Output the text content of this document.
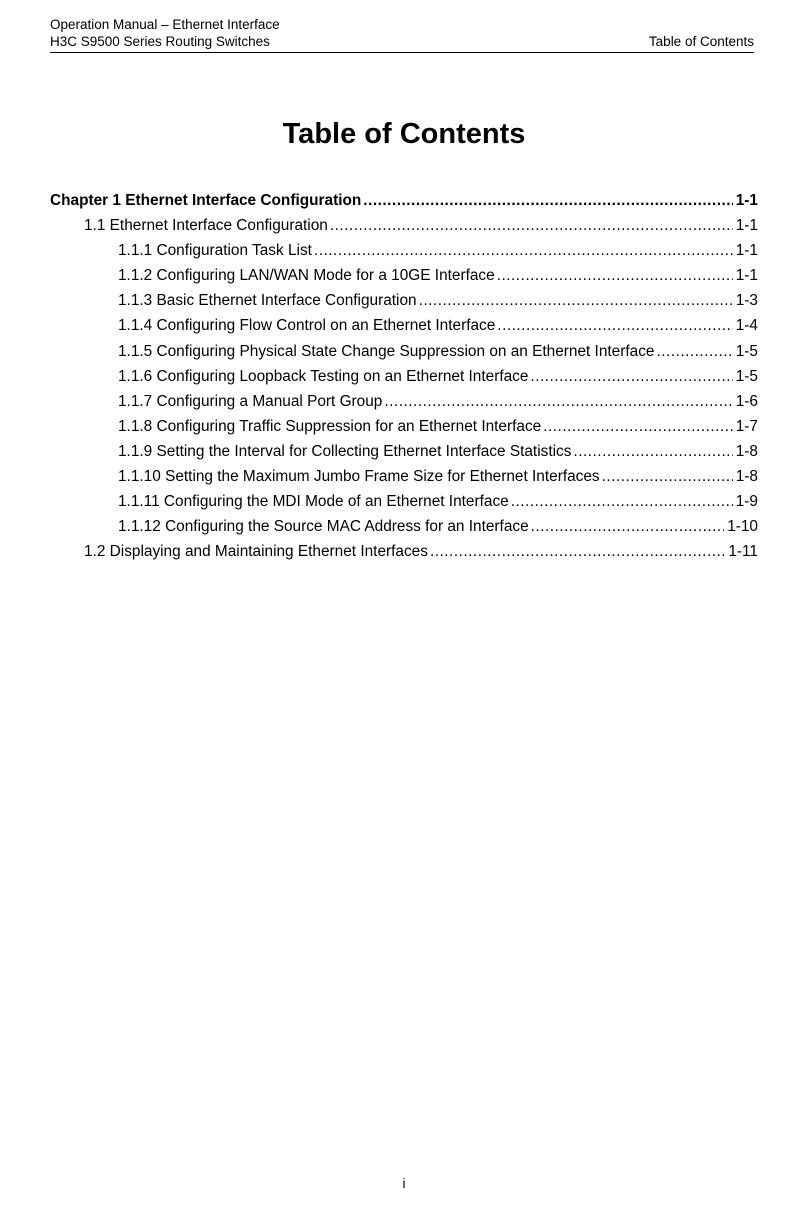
Operation Manual – Ethernet Interface
H3C S9500 Series Routing Switches	Table of Contents
Table of Contents
Chapter 1 Ethernet Interface Configuration .....	1-1
1.1 Ethernet Interface Configuration .....	1-1
1.1.1 Configuration Task List .....	1-1
1.1.2 Configuring LAN/WAN Mode for a 10GE Interface .....	1-1
1.1.3 Basic Ethernet Interface Configuration .....	1-3
1.1.4 Configuring Flow Control on an Ethernet Interface .....	1-4
1.1.5 Configuring Physical State Change Suppression on an Ethernet Interface .....	1-5
1.1.6 Configuring Loopback Testing on an Ethernet Interface .....	1-5
1.1.7 Configuring a Manual Port Group .....	1-6
1.1.8 Configuring Traffic Suppression for an Ethernet Interface .....	1-7
1.1.9 Setting the Interval for Collecting Ethernet Interface Statistics .....	1-8
1.1.10 Setting the Maximum Jumbo Frame Size for Ethernet Interfaces .....	1-8
1.1.11 Configuring the MDI Mode of an Ethernet Interface .....	1-9
1.1.12 Configuring the Source MAC Address for an Interface .....	1-10
1.2 Displaying and Maintaining Ethernet Interfaces .....	1-11
i
